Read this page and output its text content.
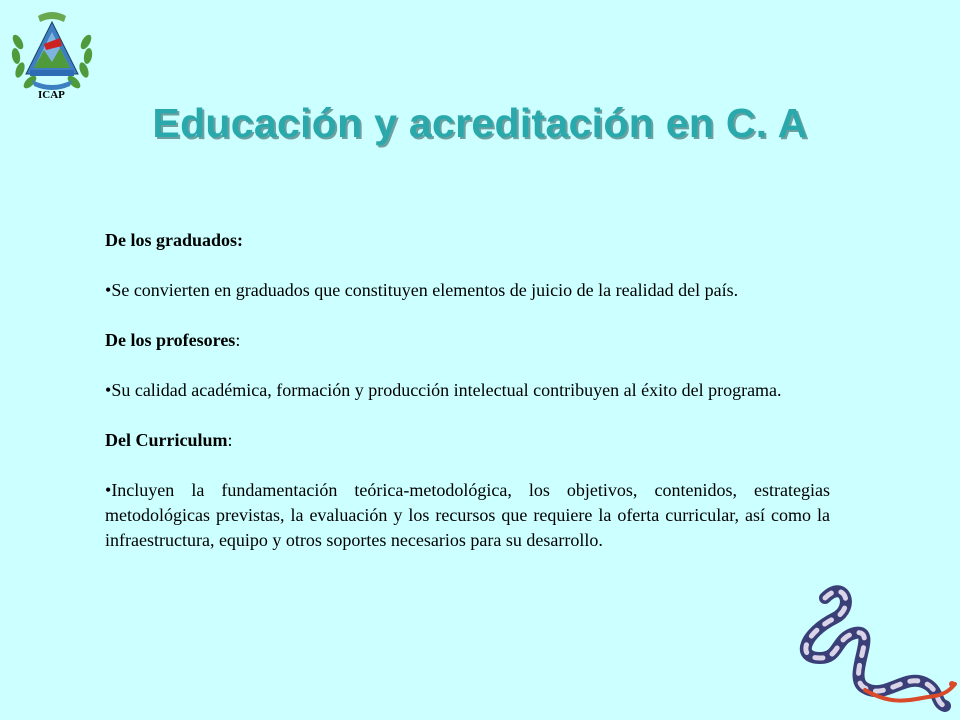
ICAP
Educación y acreditación en C. A

De los graduados:

•Se convierten en graduados que constituyen elementos de juicio de la realidad del país.

De los profesores:

•Su calidad académica, formación y producción intelectual contribuyen al éxito del programa.

Del Curriculum:

•Incluyen la fundamentación teórica-metodológica, los objetivos, contenidos, estrategias metodológicas previstas, la evaluación y los recursos que requiere la oferta curricular, así como la infraestructura, equipo y otros soportes necesarios para su desarrollo.
